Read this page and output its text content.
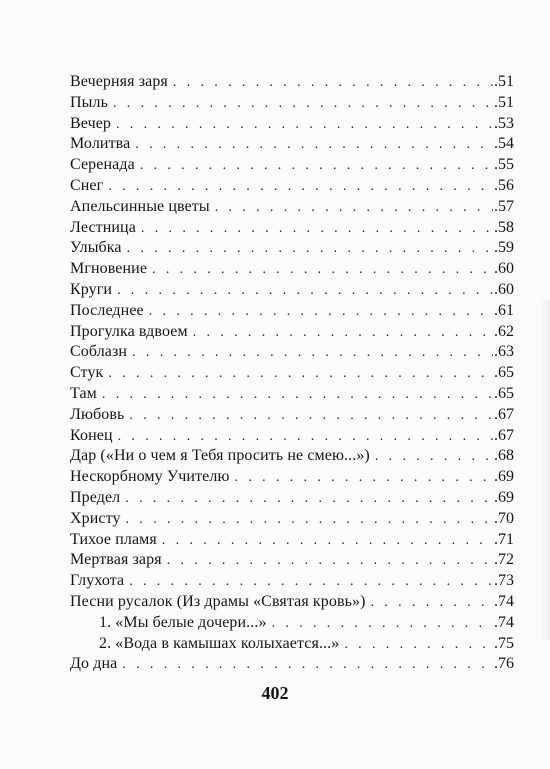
Вечерняя заря . . .	.51
Пыль . . .	.51
Вечер . . .	.53
Молитва . . .	.54
Серенада . . .	.55
Снег . . .	.56
Апельсинные цветы . . .	.57
Лестница . . .	.58
Улыбка . . .	.59
Мгновение . . .	.60
Круги . . .	.60
Последнее . . .	.61
Прогулка вдвоем . . .	.62
Соблазн . . .	.63
Стук . . .	.65
Там . . .	.65
Любовь . . .	.67
Конец . . .	.67
Дар («Ни о чем я Тебя просить не смею...») . . .	.68
Нескорбному Учителю . . .	.69
Предел . . .	.69
Христу . . .	.70
Тихое пламя . . .	.71
Мертвая заря . . .	.72
Глухота . . .	.73
Песни русалок (Из драмы «Святая кровь») . . .	.74
1. «Мы белые дочери...» . . .	.74
2. «Вода в камышах колыхается...» . . .	.75
До дна . . .	.76
402
